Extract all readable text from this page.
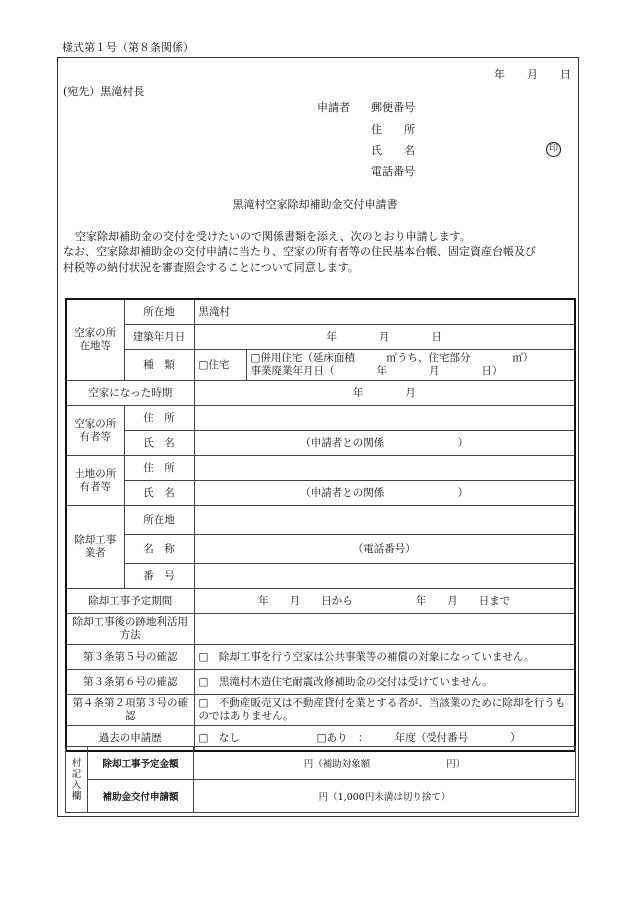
様式第１号（第８条関係）
年　　月　　日
(宛先）黒滝村長
申請者 郵便番号
住　　所
氏　　名	印
電話番号
黒滝村空家除却補助金交付申請書
空家除却補助金の交付を受けたいので関係書類を添え、次のとおり申請します。
なお、空家除却補助金の交付申請に当たり、空家の所有者等の住民基本台帳、固定資産台帳及び
村税等の納付状況を審査照会することについて同意します。
空家の所在地等	所在地	黒滝村	
	建築年月日	年　　　　月　　　　日	
	種　類	□住宅	□併用住宅（延床面積　　　㎡うち、住宅部分　　　　㎡）
事業廃業年月日（　　　　年　　　　月　　　　日）

空家になった時期		年　　　　月	
空家の所有者等	住　所		
	氏　名	（申請者との関係　　　　　　　）	
土地の所有者等	住　所		
	氏　名	（申請者との関係　　　　　　　）	
除却工事業者	所在地		
	名　称	（電話番号）	
	番　号		
除却工事予定期間		年　　月　　日から　　　　　　年　　月　　日まで	
除却工事後の跡地利活用方法			
第３条第５号の確認		□　除却工事を行う空家は公共事業等の補償の対象になっていません。	
第３条第６号の確認		□　黒滝村木造住宅耐震改修補助金の交付は受けていません。	
第４条第２項第３号の確認		□　不動産販売又は不動産貸付を業とする者が、当該業のために除却を行うものではありません。	
過去の申請歴		□　なし □あり　：　　　年度（受付番号　　　　）	
村記入欄	除却工事予定金額	円（補助対象額　　　　　　　　円）
	補助金交付申請額	円（1,000円未満は切り捨て）
